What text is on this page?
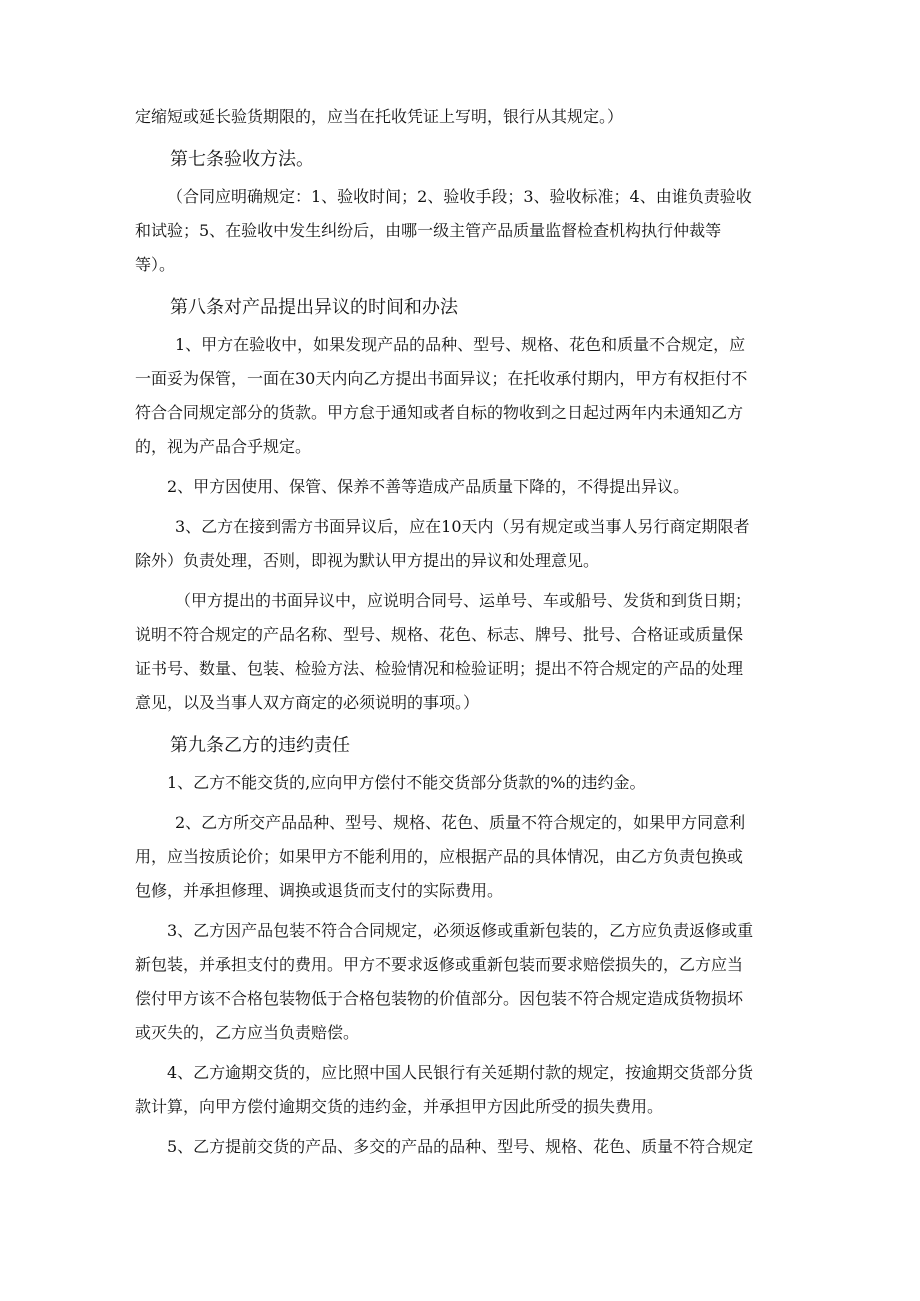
定缩短或延长验货期限的，应当在托收凭证上写明，银行从其规定。）
第七条验收方法。
（合同应明确规定：1、验收时间；2、验收手段；3、验收标准；4、由谁负责验收
和试验；5、在验收中发生纠纷后，由哪一级主管产品质量监督检查机构执行仲裁等
等）。
第八条对产品提出异议的时间和办法
1、甲方在验收中，如果发现产品的品种、型号、规格、花色和质量不合规定，应
一面妥为保管，一面在30天内向乙方提出书面异议；在托收承付期内，甲方有权拒付不
符合合同规定部分的货款。甲方怠于通知或者自标的物收到之日起过两年内未通知乙方
的，视为产品合乎规定。
2、甲方因使用、保管、保养不善等造成产品质量下降的，不得提出异议。
3、乙方在接到需方书面异议后，应在10天内（另有规定或当事人另行商定期限者
除外）负责处理，否则，即视为默认甲方提出的异议和处理意见。
（甲方提出的书面异议中，应说明合同号、运单号、车或船号、发货和到货日期；
说明不符合规定的产品名称、型号、规格、花色、标志、牌号、批号、合格证或质量保
证书号、数量、包装、检验方法、检验情况和检验证明；提出不符合规定的产品的处理
意见，以及当事人双方商定的必须说明的事项。）
第九条乙方的违约责任
1、乙方不能交货的,应向甲方偿付不能交货部分货款的%的违约金。
2、乙方所交产品品种、型号、规格、花色、质量不符合规定的，如果甲方同意利
用，应当按质论价；如果甲方不能利用的，应根据产品的具体情况，由乙方负责包换或
包修，并承担修理、调换或退货而支付的实际费用。
3、乙方因产品包装不符合合同规定，必须返修或重新包装的，乙方应负责返修或重
新包装，并承担支付的费用。甲方不要求返修或重新包装而要求赔偿损失的，乙方应当
偿付甲方该不合格包装物低于合格包装物的价值部分。因包装不符合规定造成货物损坏
或灭失的，乙方应当负责赔偿。
4、乙方逾期交货的，应比照中国人民银行有关延期付款的规定，按逾期交货部分货
款计算，向甲方偿付逾期交货的违约金，并承担甲方因此所受的损失费用。
5、乙方提前交货的产品、多交的产品的品种、型号、规格、花色、质量不符合规定
